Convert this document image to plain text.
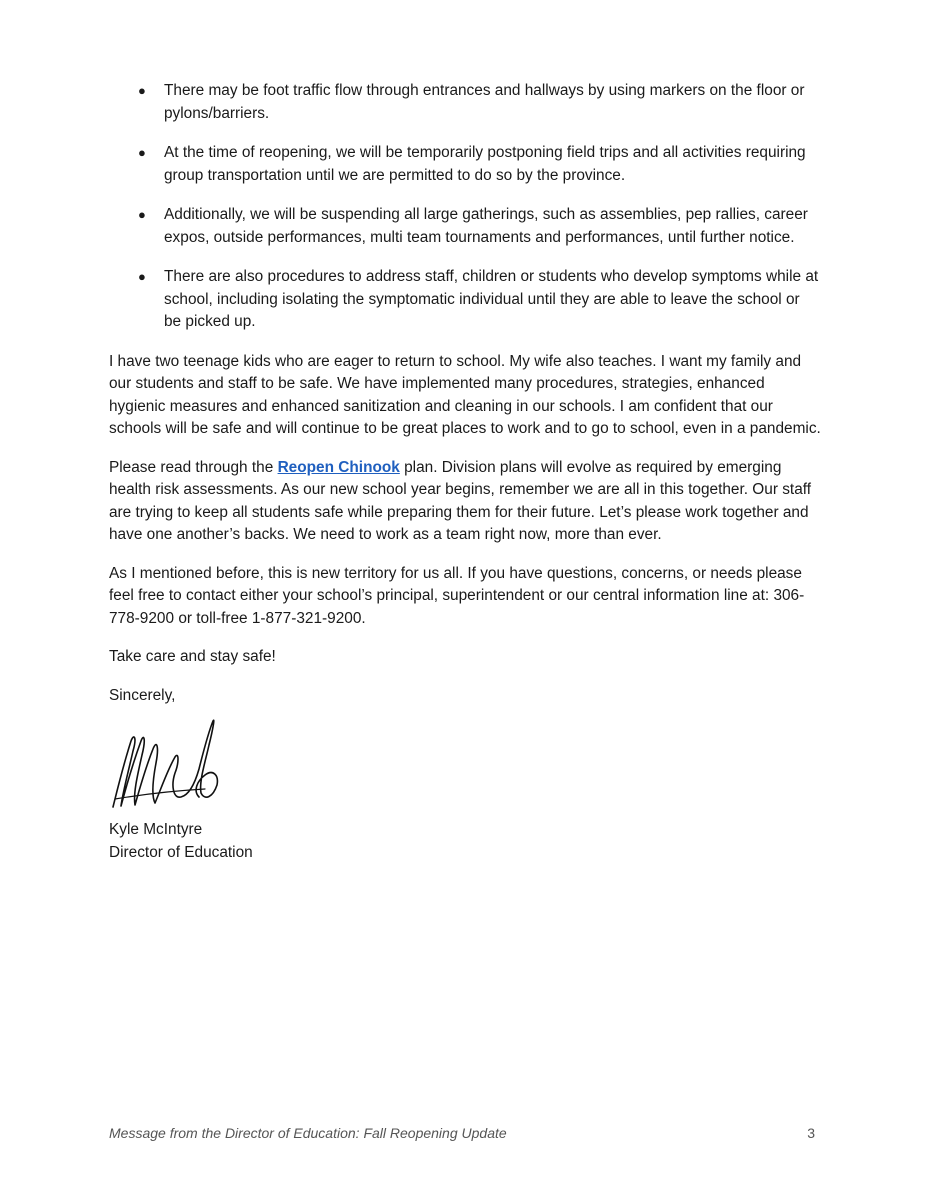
● There may be foot traffic flow through entrances and hallways by using markers on the floor or pylons/barriers.
● At the time of reopening, we will be temporarily postponing field trips and all activities requiring group transportation until we are permitted to do so by the province.
● Additionally, we will be suspending all large gatherings, such as assemblies, pep rallies, career expos, outside performances, multi team tournaments and performances, until further notice.
● There are also procedures to address staff, children or students who develop symptoms while at school, including isolating the symptomatic individual until they are able to leave the school or be picked up.

I have two teenage kids who are eager to return to school. My wife also teaches. I want my family and our students and staff to be safe. We have implemented many procedures, strategies, enhanced hygienic measures and enhanced sanitization and cleaning in our schools. I am confident that our schools will be safe and will continue to be great places to work and to go to school, even in a pandemic.

Please read through the Reopen Chinook plan. Division plans will evolve as required by emerging health risk assessments. As our new school year begins, remember we are all in this together. Our staff are trying to keep all students safe while preparing them for their future. Let’s please work together and have one another’s backs. We need to work as a team right now, more than ever.

As I mentioned before, this is new territory for us all. If you have questions, concerns, or needs please feel free to contact either your school’s principal, superintendent or our central information line at: 306-778-9200 or toll-free 1-877-321-9200.

Take care and stay safe!

Sincerely,

Kyle McIntyre

Director of Education

Message from the Director of Education: Fall Reopening Update	3
